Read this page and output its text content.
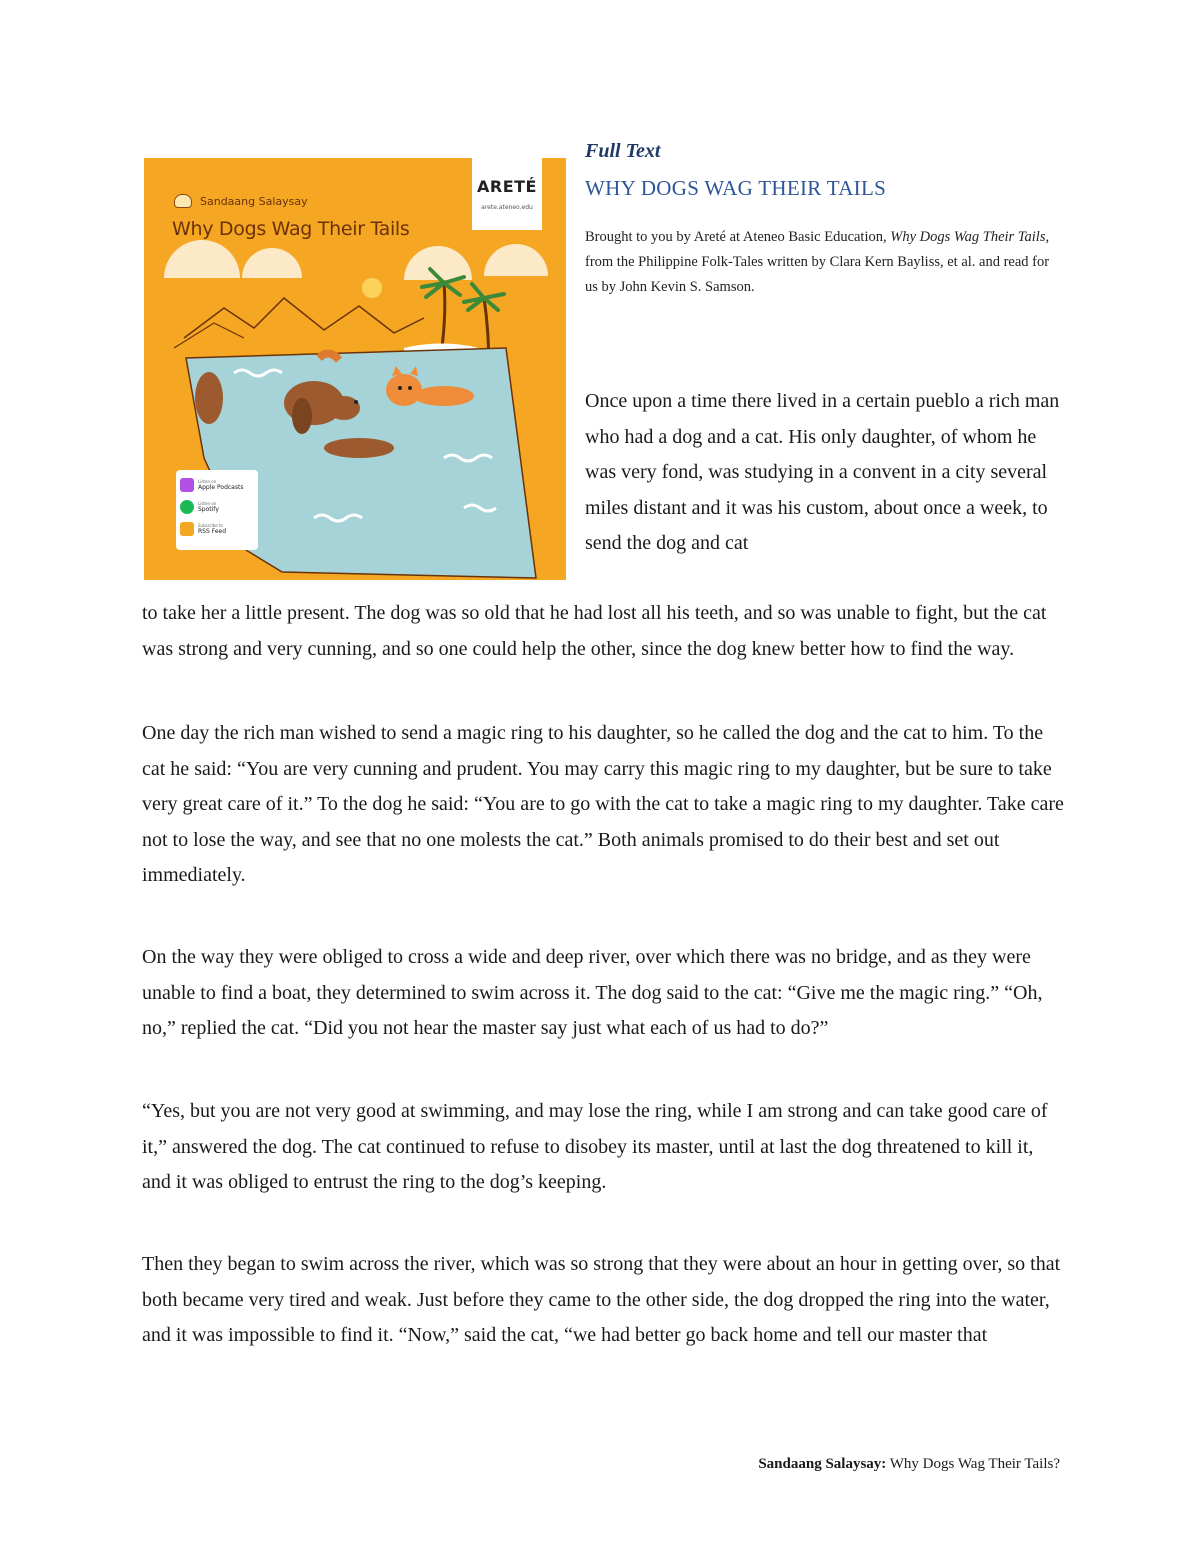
Sandaang Salaysay
Why Dogs Wag Their Tails
ARETÉ
arete.ateneo.edu
Listen on
Apple Podcasts
Listen on
Spotify
Subscribe to
RSS Feed
Full Text
WHY DOGS WAG THEIR TAILS
Brought to you by Areté at Ateneo Basic Education, Why Dogs Wag Their Tails, from the Philippine Folk-Tales written by Clara Kern Bayliss, et al. and read for us by John Kevin S. Samson.
Once upon a time there lived in a certain pueblo a rich man who had a dog and a cat. His only daughter, of whom he was very fond, was studying in a convent in a city several miles distant and it was his custom, about once a week, to send the dog and cat
to take her a little present. The dog was so old that he had lost all his teeth, and so was unable to fight, but the cat was strong and very cunning, and so one could help the other, since the dog knew better how to find the way.
One day the rich man wished to send a magic ring to his daughter, so he called the dog and the cat to him. To the cat he said: “You are very cunning and prudent. You may carry this magic ring to my daughter, but be sure to take very great care of it.” To the dog he said: “You are to go with the cat to take a magic ring to my daughter. Take care not to lose the way, and see that no one molests the cat.” Both animals promised to do their best and set out immediately.
On the way they were obliged to cross a wide and deep river, over which there was no bridge, and as they were unable to find a boat, they determined to swim across it. The dog said to the cat: “Give me the magic ring.” “Oh, no,” replied the cat. “Did you not hear the master say just what each of us had to do?”
“Yes, but you are not very good at swimming, and may lose the ring, while I am strong and can take good care of it,” answered the dog. The cat continued to refuse to disobey its master, until at last the dog threatened to kill it, and it was obliged to entrust the ring to the dog’s keeping.
Then they began to swim across the river, which was so strong that they were about an hour in getting over, so that both became very tired and weak. Just before they came to the other side, the dog dropped the ring into the water, and it was impossible to find it. “Now,” said the cat, “we had better go back home and tell our master that
Sandaang Salaysay: Why Dogs Wag Their Tails?
